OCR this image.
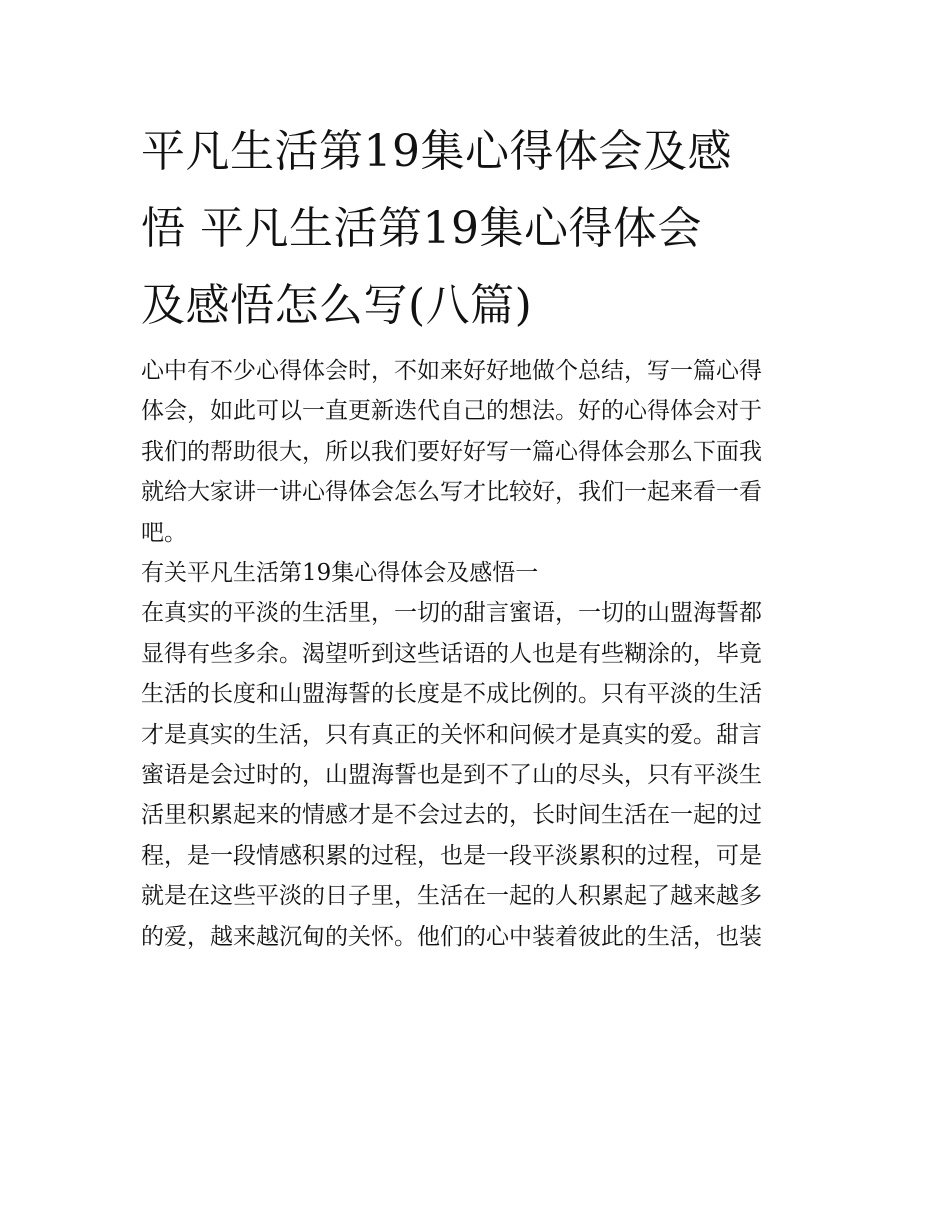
平凡生活第19集心得体会及感
悟 平凡生活第19集心得体会
及感悟怎么写(八篇)
心中有不少心得体会时，不如来好好地做个总结，写一篇心得
体会，如此可以一直更新迭代自己的想法。好的心得体会对于
我们的帮助很大，所以我们要好好写一篇心得体会那么下面我
就给大家讲一讲心得体会怎么写才比较好，我们一起来看一看
吧。
有关平凡生活第19集心得体会及感悟一
在真实的平淡的生活里，一切的甜言蜜语，一切的山盟海誓都
显得有些多余。渴望听到这些话语的人也是有些糊涂的，毕竟
生活的长度和山盟海誓的长度是不成比例的。只有平淡的生活
才是真实的生活，只有真正的关怀和问候才是真实的爱。甜言
蜜语是会过时的，山盟海誓也是到不了山的尽头，只有平淡生
活里积累起来的情感才是不会过去的，长时间生活在一起的过
程，是一段情感积累的过程，也是一段平淡累积的过程，可是
就是在这些平淡的日子里，生活在一起的人积累起了越来越多
的爱，越来越沉甸的关怀。他们的心中装着彼此的生活，也装
